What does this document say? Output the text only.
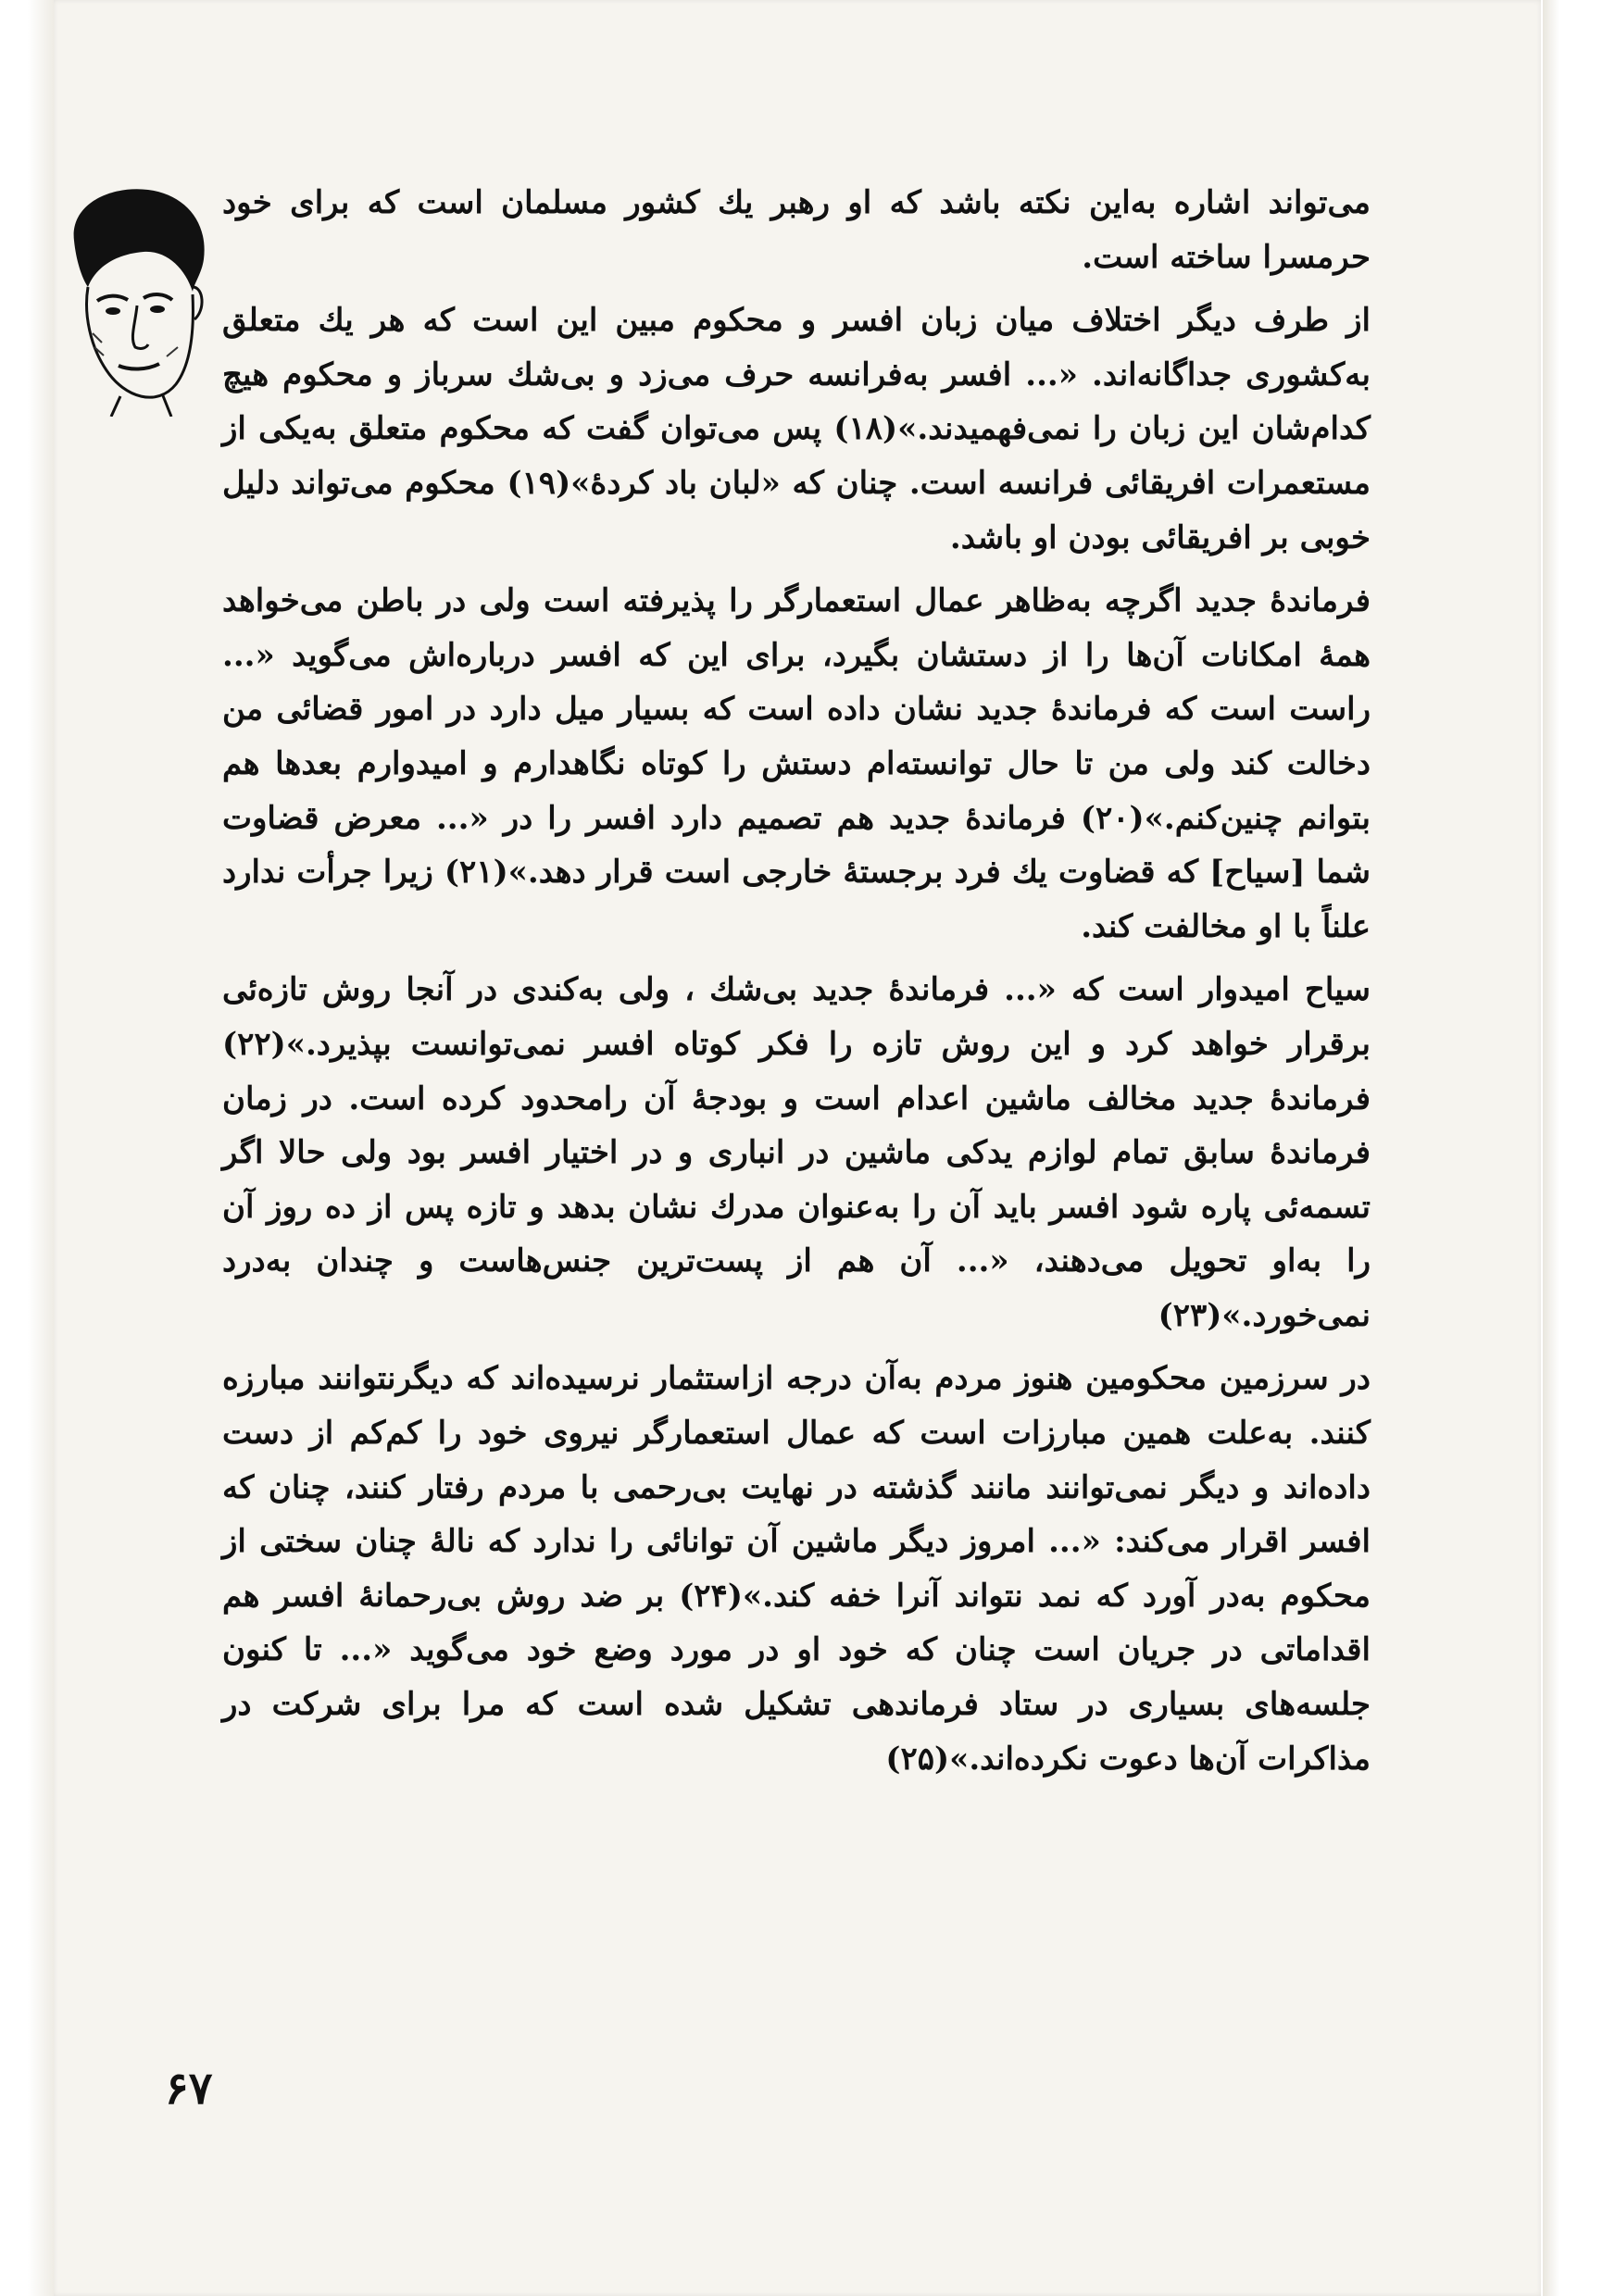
می‌تواند اشاره به‌این نکته باشد که او رهبر یك کشور مسلمان است که برای خود حرمسرا ساخته است.

از طرف دیگر اختلاف میان زبان افسر و محکوم مبین این است که هر یك متعلق به‌کشوری جداگانه‌اند. «... افسر به‌فرانسه حرف می‌زد و بی‌شك سرباز و محکوم هیچ کدام‌شان این زبان را نمی‌فهمیدند.»(۱۸) پس می‌توان گفت که محکوم متعلق به‌یکی از مستعمرات افریقائی فرانسه است. چنان که «لبان باد کردهٔ»(۱۹) محکوم می‌تواند دلیل خوبی بر افریقائی بودن او باشد.

فرماندهٔ جدید اگرچه به‌ظاهر عمال استعمارگر را پذیرفته است ولی در باطن می‌خواهد همهٔ امکانات آن‌ها را از دستشان بگیرد، برای این که افسر درباره‌اش می‌گوید «... راست است که فرماندهٔ جدید نشان داده است که بسیار میل دارد در امور قضائی من دخالت کند ولی من تا حال توانسته‌ام دستش را کوتاه نگاهدارم و امیدوارم بعدها هم بتوانم چنین‌کنم.»(۲۰) فرماندهٔ جدید هم تصمیم دارد افسر را در «... معرض قضاوت شما [سیاح] که قضاوت یك فرد برجستهٔ خارجی است قرار دهد.»(۲۱) زیرا جرأت ندارد علناً با او مخالفت کند.

سیاح امیدوار است که «... فرماندهٔ جدید بی‌شك ، ولی به‌کندی در آنجا روش تازه‌ئی برقرار خواهد کرد و این روش تازه را فکر کوتاه افسر نمی‌توانست بپذیرد.»(۲۲) فرماندهٔ جدید مخالف ماشین اعدام است و بودجهٔ آن رامحدود کرده است. در زمان فرماندهٔ سابق تمام لوازم یدکی ماشین در انباری و در اختیار افسر بود ولی حالا اگر تسمه‌ئی پاره شود افسر باید آن را به‌عنوان مدرك نشان بدهد و تازه پس از ده روز آن را به‌او تحویل می‌دهند، «... آن هم از پست‌ترین جنس‌هاست و چندان به‌درد نمی‌خورد.»(۲۳)

در سرزمین محکومین هنوز مردم به‌آن درجه ازاستثمار نرسیده‌اند که دیگرنتوانند مبارزه کنند. به‌علت همین مبارزات است که عمال استعمارگر نیروی خود را کم‌کم از دست داده‌اند و دیگر نمی‌توانند مانند گذشته در نهایت بی‌رحمی با مردم رفتار کنند، چنان که افسر اقرار می‌کند: «... امروز دیگر ماشین آن توانائی را ندارد که نالهٔ چنان سختی از محکوم به‌در آورد که نمد نتواند آنرا خفه کند.»(۲۴) بر ضد روش بی‌رحمانهٔ افسر هم اقداماتی در جریان است چنان که خود او در مورد وضع خود می‌گوید «... تا کنون جلسه‌های بسیاری در ستاد فرماندهی تشکیل شده است که مرا برای شرکت در مذاکرات آن‌ها دعوت نکرده‌اند.»(۲۵)

۶۷
